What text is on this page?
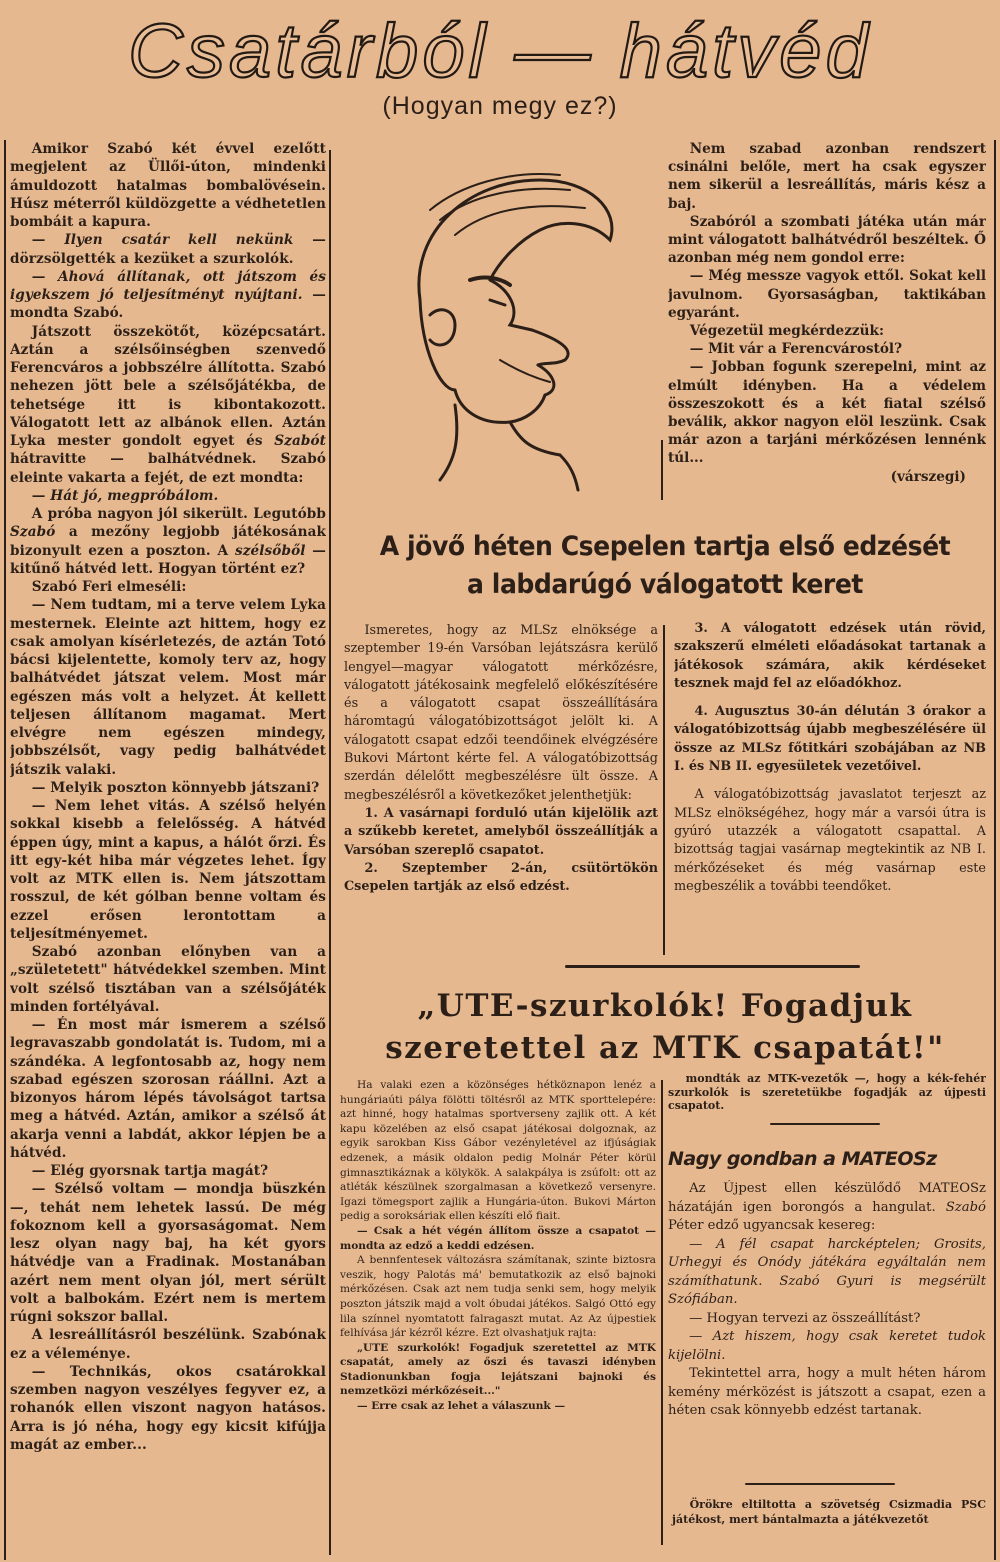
Csatárból — hátvéd
(Hogyan megy ez?)

Amikor Szabó két évvel ezelőtt megjelent az Üllői-úton, mindenki ámuldozott hatalmas bombalövésein. Húsz méterről küldözgette a védhetetlen bombáit a kapura.

— Ilyen csatár kell nekünk — dörzsölgették a kezüket a szurkolók.

— Ahová állítanak, ott játszom és igyekszem jó teljesítményt nyújtani. — mondta Szabó.

Játszott összekötőt, középcsatárt. Aztán a szélsőinségben szenvedő Ferencváros a jobbszélre állította. Szabó nehezen jött bele a szélsőjátékba, de tehetsége itt is kibontakozott. Válogatott lett az albánok ellen. Aztán Lyka mester gondolt egyet és Szabót hátravitte — balhátvédnek. Szabó eleinte vakarta a fejét, de ezt mondta:

— Hát jó, megpróbálom.

A próba nagyon jól sikerült. Legutóbb Szabó a mezőny legjobb játékosának bizonyult ezen a poszton. A szélsőből — kitűnő hátvéd lett. Hogyan történt ez?

Szabó Feri elmeséli:

— Nem tudtam, mi a terve velem Lyka mesternek. Eleinte azt hittem, hogy ez csak amolyan kísérletezés, de aztán Totó bácsi kijelentette, komoly terv az, hogy balhátvédet játszat velem. Most már egészen más volt a helyzet. Át kellett teljesen állítanom magamat. Mert elvégre nem egészen mindegy, jobbszélsőt, vagy pedig balhátvédet játszik valaki.

— Melyik poszton könnyebb játszani?

— Nem lehet vitás. A szélső helyén sokkal kisebb a felelősség. A hátvéd éppen úgy, mint a kapus, a hálót őrzi. És itt egy-két hiba már végzetes lehet. Így volt az MTK ellen is. Nem játszottam rosszul, de két gólban benne voltam és ezzel erősen lerontottam a teljesítményemet.

Szabó azonban előnyben van a „születetett" hátvédekkel szemben. Mint volt szélső tisztában van a szélsőjáték minden fortélyával.

— Én most már ismerem a szélső legravaszabb gondolatát is. Tudom, mi a szándéka. A legfontosabb az, hogy nem szabad egészen szorosan ráállni. Azt a bizonyos három lépés távolságot tartsa meg a hátvéd. Aztán, amikor a szélső át akarja venni a labdát, akkor lépjen be a hátvéd.

— Elég gyorsnak tartja magát?

— Szélső voltam — mondja büszkén —, tehát nem lehetek lassú. De még fokoznom kell a gyorsaságomat. Nem lesz olyan nagy baj, ha két gyors hátvédje van a Fradinak. Mostanában azért nem ment olyan jól, mert sérült volt a balbokám. Ezért nem is mertem rúgni sokszor ballal.

A lesreállításról beszélünk. Szabónak ez a véleménye.

— Technikás, okos csatárokkal szemben nagyon veszélyes fegyver ez, a rohanók ellen viszont nagyon hatásos. Arra is jó néha, hogy egy kicsit kifújja magát az ember...

Nem szabad azonban rendszert csinálni belőle, mert ha csak egyszer nem sikerül a lesreállítás, máris kész a baj.

Szabóról a szombati játéka után már mint válogatott balhátvédről beszéltek. Ő azonban még nem gondol erre:

— Még messze vagyok ettől. Sokat kell javulnom. Gyorsaságban, taktikában egyaránt.

Végezetül megkérdezzük:

— Mit vár a Ferencvárostól?

— Jobban fogunk szerepelni, mint az elmúlt idényben. Ha a védelem összeszokott és a két fiatal szélső beválik, akkor nagyon elöl leszünk. Csak már azon a tarjáni mérkőzésen lennénk túl...

(várszegi)

A jövő héten Csepelen tartja első edzését
a labdarúgó válogatott keret

Ismeretes, hogy az MLSz elnöksége a szeptember 19-én Varsóban lejátszásra kerülő lengyel—magyar válogatott mérkőzésre, válogatott játékosaink megfelelő előkészítésére és a válogatott csapat összeállítására háromtagú válogatóbizottságot jelölt ki. A válogatott csapat edzői teendőinek elvégzésére Bukovi Mártont kérte fel. A válogatóbizottság szerdán délelőtt megbeszélésre ült össze. A megbeszélésről a következőket jelenthetjük:

1. A vasárnapi forduló után kijelölik azt a szűkebb keretet, amelyből összeállítják a Varsóban szereplő csapatot.

2. Szeptember 2-án, csütörtökön Csepelen tartják az első edzést.

3. A válogatott edzések után rövid, szakszerű elméleti előadásokat tartanak a játékosok számára, akik kérdéseket tesznek majd fel az előadókhoz.

4. Augusztus 30-án délután 3 órakor a válogatóbizottság újabb megbeszélésére ül össze az MLSz főtitkári szobájában az NB I. és NB II. egyesületek vezetőivel.

A válogatóbizottság javaslatot terjeszt az MLSz elnökségéhez, hogy már a varsói útra is gyúró utazzék a válogatott csapattal. A bizottság tagjai vasárnap megtekintik az NB I. mérkőzéseket és még vasárnap este megbeszélik a további teendőket.

„UTE-szurkolók! Fogadjuk szeretettel az MTK csapatát!"

Ha valaki ezen a közönséges hétköznapon lenéz a hungáriaúti pálya fölötti töltésről az MTK sporttelepére: azt hinné, hogy hatalmas sportverseny zajlik ott. A két kapu közelében az első csapat játékosai dolgoznak, az egyik sarokban Kiss Gábor vezényletével az ifjúságiak edzenek, a másik oldalon pedig Molnár Péter körül gimnasztikáznak a kölykök. A salakpálya is zsúfolt: ott az atléták készülnek szorgalmasan a következő versenyre. Igazi tömegsport zajlik a Hungária-úton. Bukovi Márton pedig a soroksáriak ellen készíti elő fiait.

— Csak a hét végén állítom össze a csapatot — mondta az edző a keddi edzésen.

A bennfentesek változásra számítanak, szinte biztosra veszik, hogy Palotás má' bemutatkozik az első bajnoki mérkőzésen. Csak azt nem tudja senki sem, hogy melyik poszton játszik majd a volt óbudai játékos. Salgó Ottó egy lila színnel nyomtatott falragaszt mutat. Az Az újpestiek felhívása jár kézről kézre. Ezt olvashatjuk rajta:

„UTE szurkolók! Fogadjuk szeretettel az MTK csapatát, amely az őszi és tavaszi idényben Stadionunkban fogja lejátszani bajnoki és nemzetközi mérkőzéseit..."

— Erre csak az lehet a válaszunk —

mondták az MTK-vezetők —, hogy a kék-fehér szurkolók is szeretetükbe fogadják az újpesti csapatot.

Nagy gondban a MATEOSz

Az Újpest ellen készülődő MATEOSz házatáján igen borongós a hangulat. Szabó Péter edző ugyancsak kesereg:

— A fél csapat harcképtelen; Grosits, Urhegyi és Onódy játékára egyáltalán nem számíthatunk. Szabó Gyuri is megsérült Szófiában.

— Hogyan tervezi az összeállítást?

— Azt hiszem, hogy csak keretet tudok kijelölni.

Tekintettel arra, hogy a mult héten három kemény mérközést is játszott a csapat, ezen a héten csak könnyebb edzést tartanak.

Örökre eltiltotta a szövetség Csizmadia PSC játékost, mert bántalmazta a játékvezetőt
